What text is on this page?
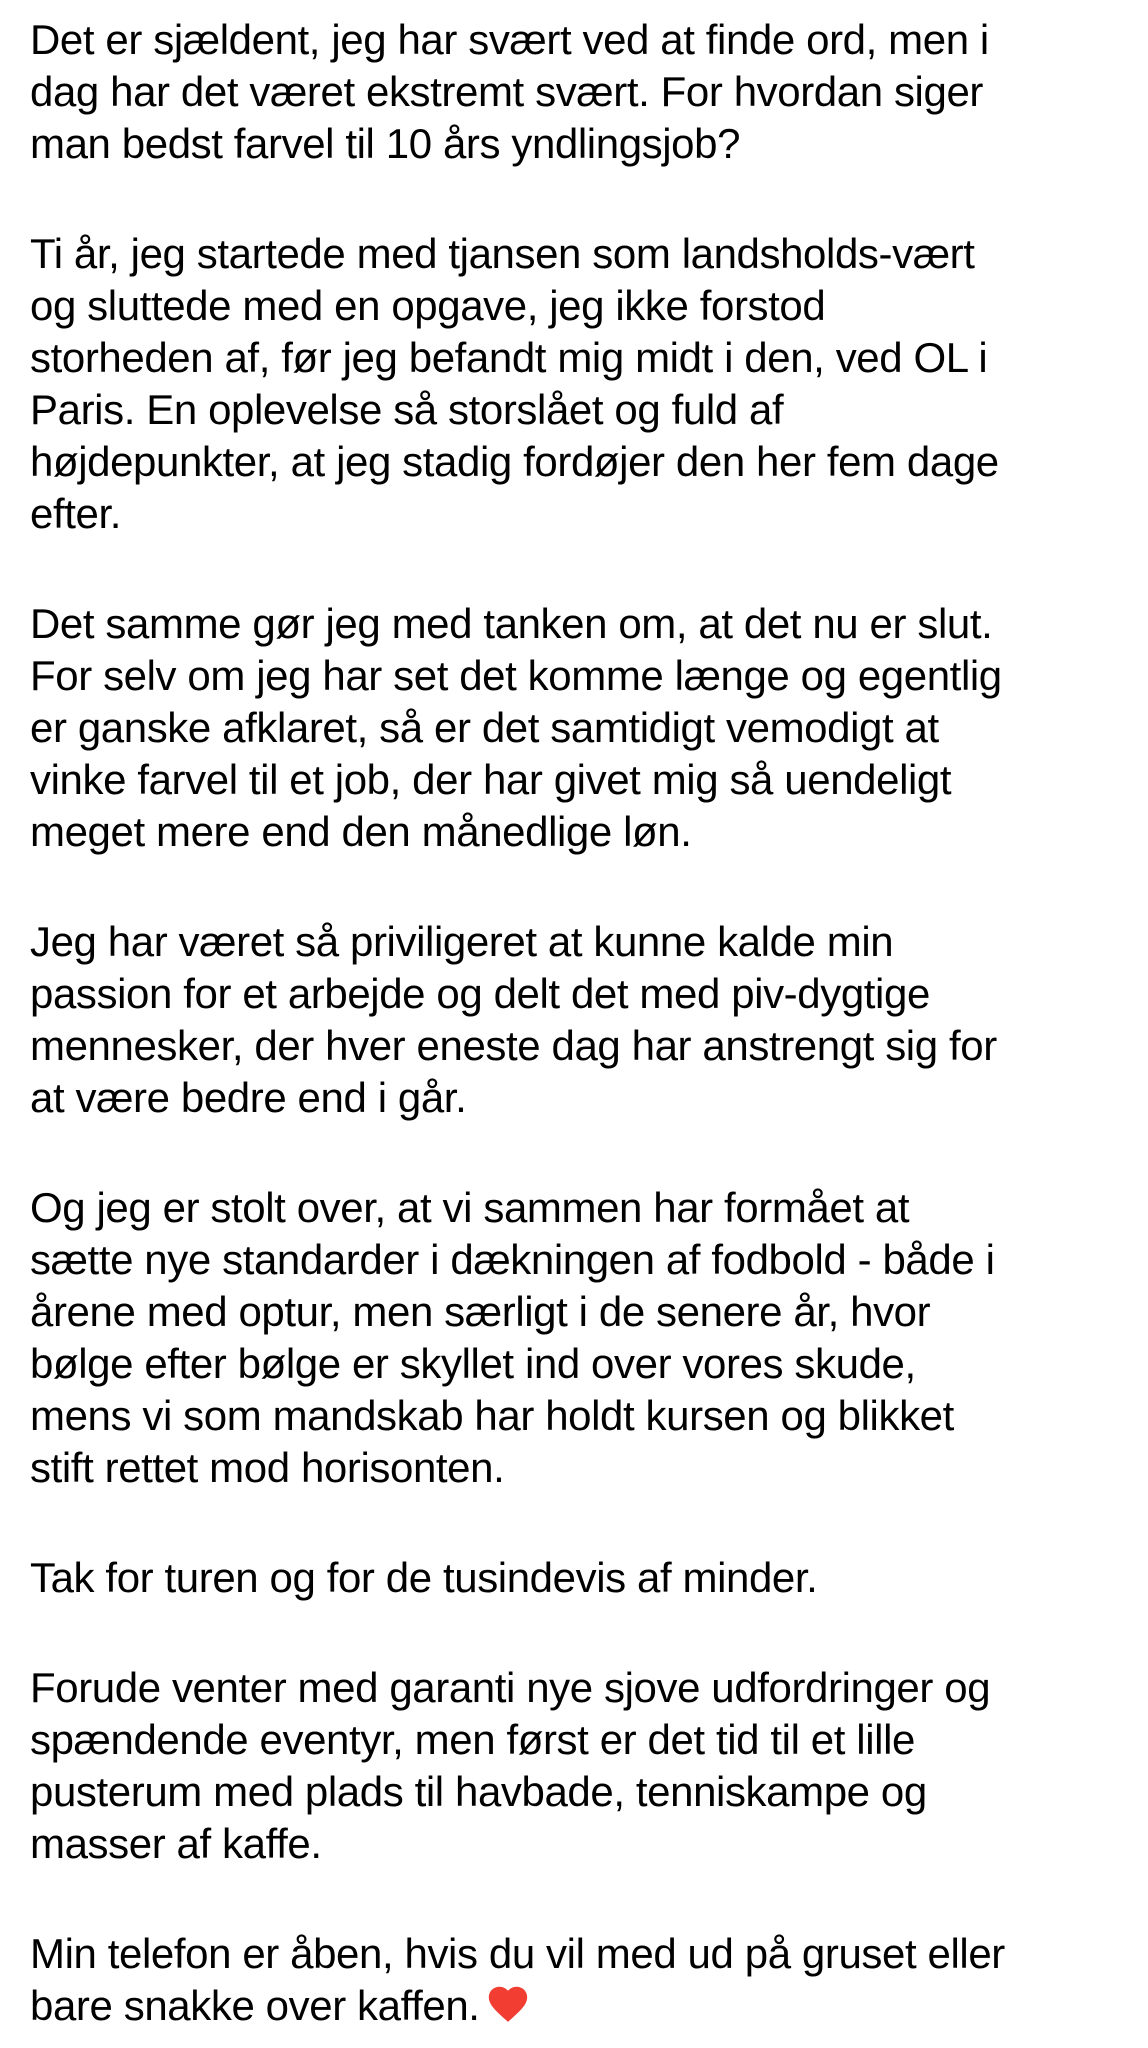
Det er sjældent, jeg har svært ved at finde ord, men i
dag har det været ekstremt svært. For hvordan siger
man bedst farvel til 10 års yndlingsjob?

Ti år, jeg startede med tjansen som landsholds-vært
og sluttede med en opgave, jeg ikke forstod
storheden af, før jeg befandt mig midt i den, ved OL i
Paris. En oplevelse så storslået og fuld af
højdepunkter, at jeg stadig fordøjer den her fem dage
efter.

Det samme gør jeg med tanken om, at det nu er slut.
For selv om jeg har set det komme længe og egentlig
er ganske afklaret, så er det samtidigt vemodigt at
vinke farvel til et job, der har givet mig så uendeligt
meget mere end den månedlige løn.

Jeg har været så priviligeret at kunne kalde min
passion for et arbejde og delt det med piv-dygtige
mennesker, der hver eneste dag har anstrengt sig for
at være bedre end i går.

Og jeg er stolt over, at vi sammen har formået at
sætte nye standarder i dækningen af fodbold - både i
årene med optur, men særligt i de senere år, hvor
bølge efter bølge er skyllet ind over vores skude,
mens vi som mandskab har holdt kursen og blikket
stift rettet mod horisonten.

Tak for turen og for de tusindevis af minder.

Forude venter med garanti nye sjove udfordringer og
spændende eventyr, men først er det tid til et lille
pusterum med plads til havbade, tenniskampe og
masser af kaffe.

Min telefon er åben, hvis du vil med ud på gruset eller
bare snakke over kaffen.
